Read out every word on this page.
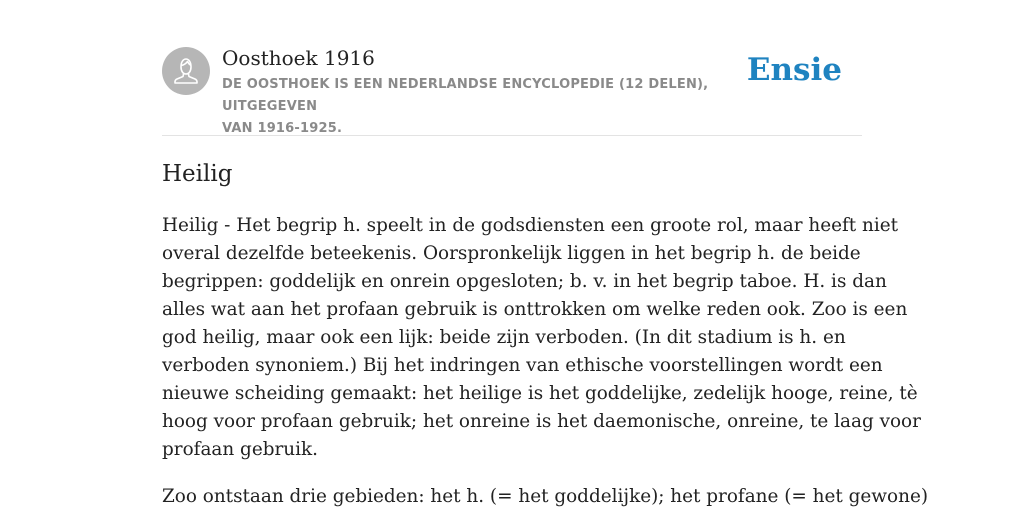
Oosthoek 1916
DE OOSTHOEK IS EEN NEDERLANDSE ENCYCLOPEDIE (12 DELEN), UITGEGEVEN
VAN 1916-1925.
Ensie
Heilig

Heilig - Het begrip h. speelt in de godsdiensten een groote rol, maar heeft niet
overal dezelfde beteekenis. Oorspronkelijk liggen in het begrip h. de beide
begrippen: goddelijk en onrein opgesloten; b. v. in het begrip taboe. H. is dan
alles wat aan het profaan gebruik is onttrokken om welke reden ook. Zoo is een
god heilig, maar ook een lijk: beide zijn verboden. (In dit stadium is h. en
verboden synoniem.) Bij het indringen van ethische voorstellingen wordt een
nieuwe scheiding gemaakt: het heilige is het goddelijke, zedelijk hooge, reine, tè
hoog voor profaan gebruik; het onreine is het daemonische, onreine, te laag voor
profaan gebruik.

Zoo ontstaan drie gebieden: het h. (= het goddelijke); het profane (= het gewone)
